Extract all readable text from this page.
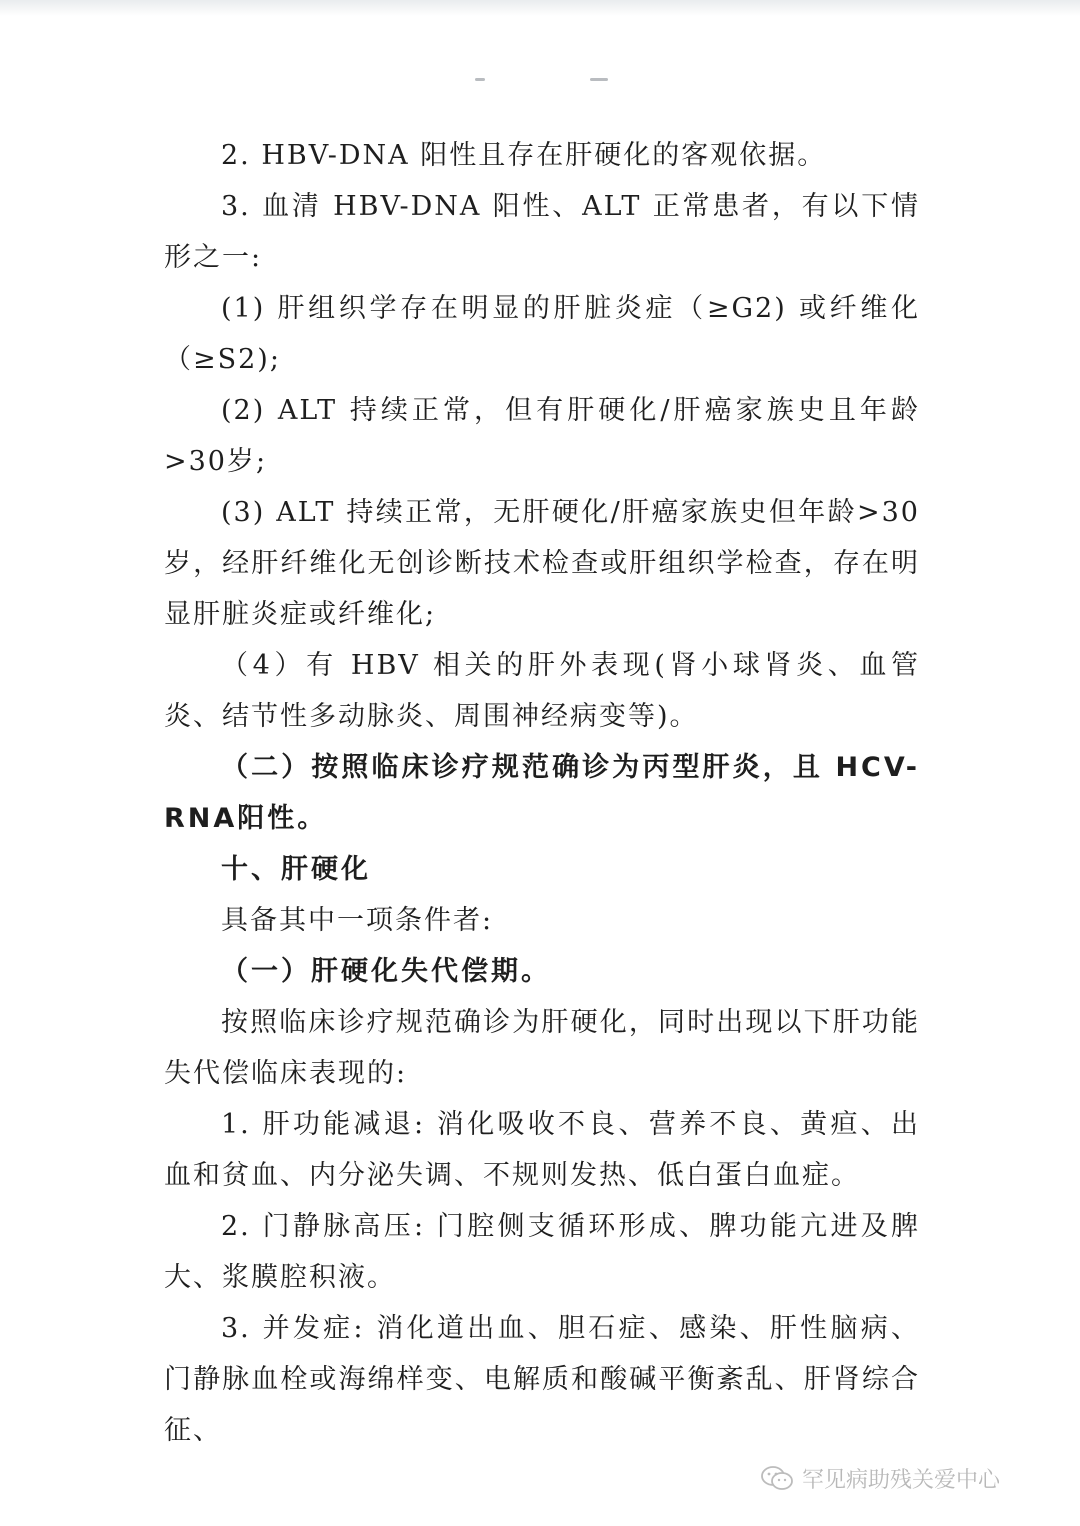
2. HBV-DNA 阳性且存在肝硬化的客观依据。

3. 血清 HBV-DNA 阳性、ALT 正常患者，有以下情形之一:

(1) 肝组织学存在明显的肝脏炎症（≥G2) 或纤维化（≥S2);

(2) ALT 持续正常，但有肝硬化/肝癌家族史且年龄>30岁;

(3) ALT 持续正常，无肝硬化/肝癌家族史但年龄>30 岁，经肝纤维化无创诊断技术检查或肝组织学检查，存在明显肝脏炎症或纤维化;

（4）有 HBV 相关的肝外表现(肾小球肾炎、血管炎、结节性多动脉炎、周围神经病变等)。

（二）按照临床诊疗规范确诊为丙型肝炎，且 HCV-RNA阳性。

十、肝硬化

具备其中一项条件者:

（一）肝硬化失代偿期。

按照临床诊疗规范确诊为肝硬化，同时出现以下肝功能失代偿临床表现的:

1. 肝功能减退: 消化吸收不良、营养不良、黄疸、出血和贫血、内分泌失调、不规则发热、低白蛋白血症。

2. 门静脉高压: 门腔侧支循环形成、脾功能亢进及脾大、浆膜腔积液。

3. 并发症: 消化道出血、胆石症、感染、肝性脑病、门静脉血栓或海绵样变、电解质和酸碱平衡紊乱、肝肾综合征、

罕见病助残关爱中心
